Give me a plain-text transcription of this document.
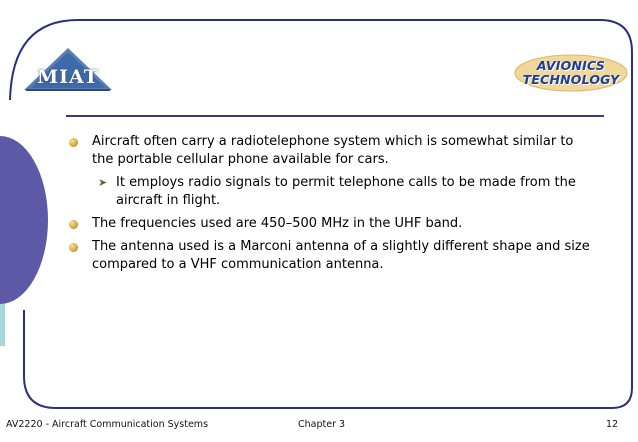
MIAT
AVIONICS
TECHNOLOGY
Aircraft often carry a radiotelephone system which is somewhat similar to the portable cellular phone available for cars.
➤ It employs radio signals to permit telephone calls to be made from the aircraft in flight.
The frequencies used are 450–500 MHz in the UHF band.
The antenna used is a Marconi antenna of a slightly different shape and size compared to a VHF communication antenna.
AV2220 - Aircraft Communication Systems	Chapter 3	12
